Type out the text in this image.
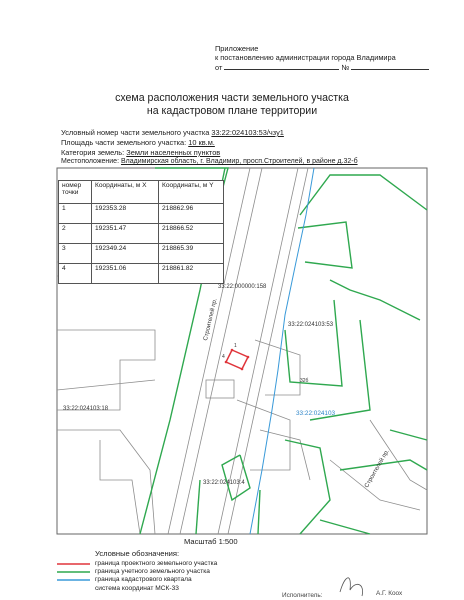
Приложение
к постановлению администрации города Владимира
от	№
схема расположения части земельного участка
на кадастровом плане территории
Условный номер части земельного участка 33:22:024103:53/чзу1
Площадь части земельного участка: 10 кв.м.
Категория земель: Земли населенных пунктов
Местоположение: Владимирская область, г. Владимир, просп.Строителей, в районе д.32-б
номер точки	Координаты, м X	Координаты, м Y
1	192353.28	218862.96
2	192351.47	218866.52
3	192349.24	218865.39
4	192351.06	218861.82
33:22:000000:158
33:22:024103:53
33:22:024103:18
33:22:024103
33:22:024103:4
Строителей пр.
Строителей пр.
32б
1
4
Масштаб 1:500
Условные обозначения:
граница проектного земельного участка
граница учетного земельного участка
граница кадастрового квартала
система координат МСК-33
Исполнитель:	А.Г. Коох
